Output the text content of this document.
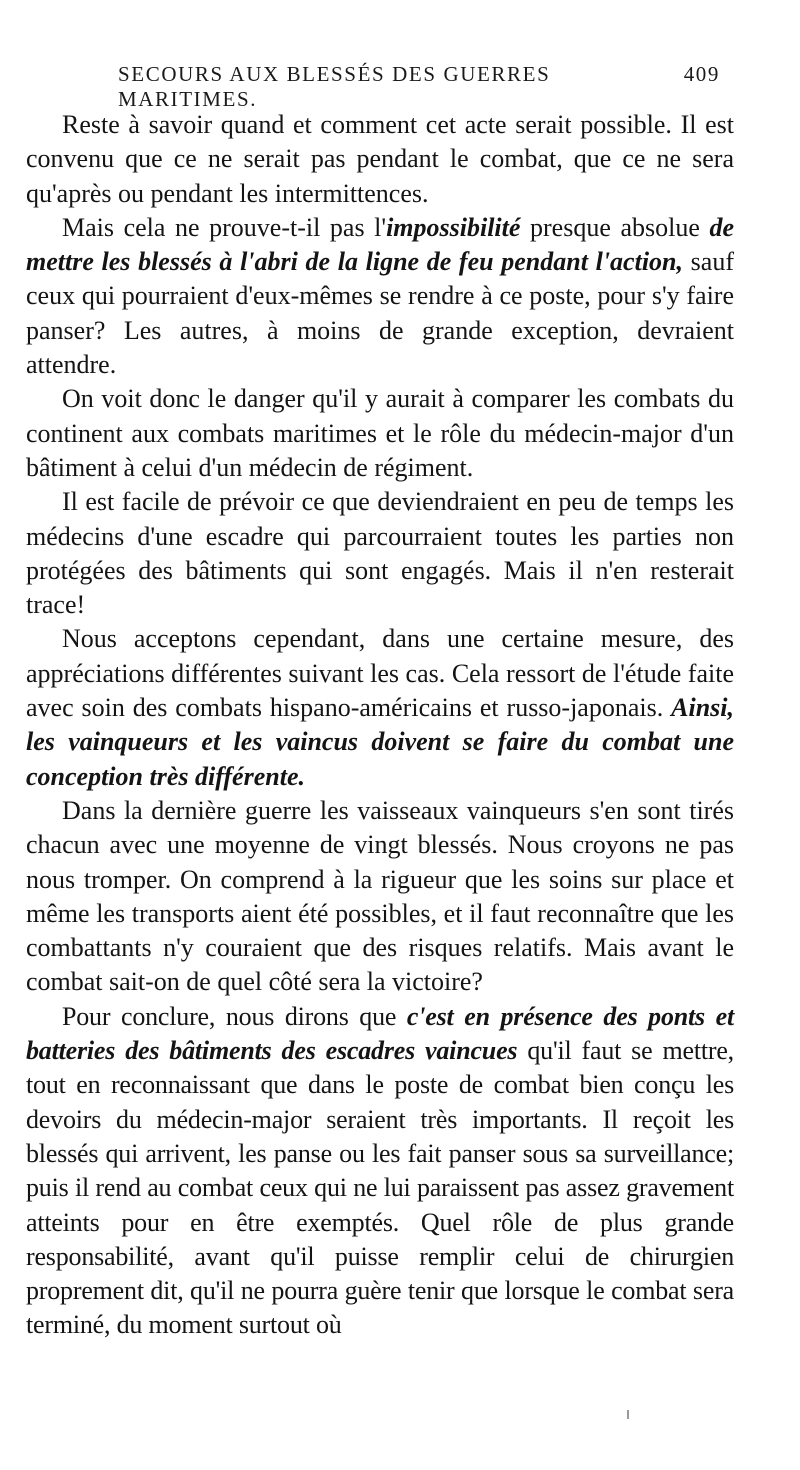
SECOURS AUX BLESSÉS DES GUERRES MARITIMES.
409

Reste à savoir quand et comment cet acte serait possible. Il est convenu que ce ne serait pas pendant le combat, que ce ne sera qu'après ou pendant les intermittences.

Mais cela ne prouve-t-il pas l'impossibilité presque absolue de mettre les blessés à l'abri de la ligne de feu pendant l'action, sauf ceux qui pourraient d'eux-mêmes se rendre à ce poste, pour s'y faire panser? Les autres, à moins de grande exception, devraient attendre.

On voit donc le danger qu'il y aurait à comparer les combats du continent aux combats maritimes et le rôle du médecin-major d'un bâtiment à celui d'un médecin de régiment.

Il est facile de prévoir ce que deviendraient en peu de temps les médecins d'une escadre qui parcourraient toutes les parties non protégées des bâtiments qui sont engagés. Mais il n'en resterait trace!

Nous acceptons cependant, dans une certaine mesure, des appréciations différentes suivant les cas. Cela ressort de l'étude faite avec soin des combats hispano-américains et russo-japonais. Ainsi, les vainqueurs et les vaincus doivent se faire du combat une conception très différente.

Dans la dernière guerre les vaisseaux vainqueurs s'en sont tirés chacun avec une moyenne de vingt blessés. Nous croyons ne pas nous tromper. On comprend à la rigueur que les soins sur place et même les transports aient été possibles, et il faut reconnaître que les combattants n'y couraient que des risques relatifs. Mais avant le combat sait-on de quel côté sera la victoire?

Pour conclure, nous dirons que c'est en présence des ponts et batteries des bâtiments des escadres vaincues qu'il faut se mettre, tout en reconnaissant que dans le poste de combat bien conçu les devoirs du médecin-major seraient très importants. Il reçoit les blessés qui arrivent, les panse ou les fait panser sous sa surveillance; puis il rend au combat ceux qui ne lui paraissent pas assez gravement atteints pour en être exemptés. Quel rôle de plus grande responsabilité, avant qu'il puisse remplir celui de chirurgien proprement dit, qu'il ne pourra guère tenir que lorsque le combat sera terminé, du moment surtout où
